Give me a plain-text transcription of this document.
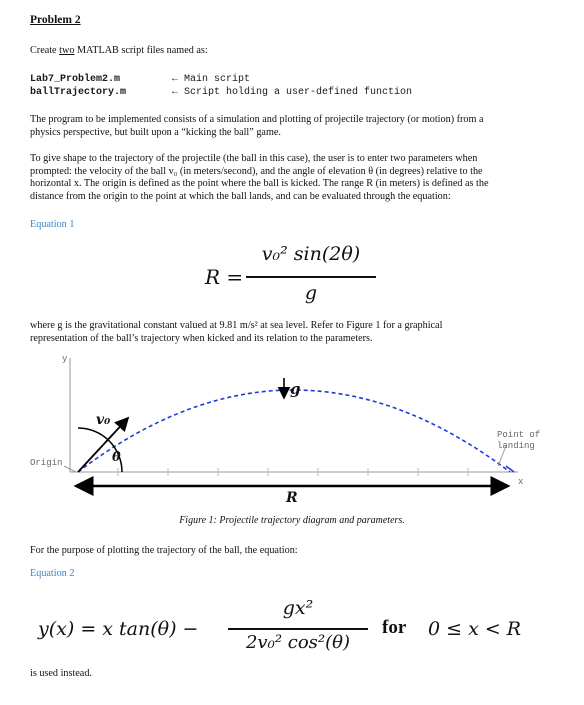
Problem 2
Create two MATLAB script files named as:
Lab7_Problem2.m	← Main script
ballTrajectory.m	← Script holding a user-defined function
The program to be implemented consists of a simulation and plotting of projectile trajectory (or motion) from a
physics perspective, but built upon a “kicking the ball” game.
To give shape to the trajectory of the projectile (the ball in this case), the user is to enter two parameters when
prompted: the velocity of the ball v₀ (in meters/second), and the angle of elevation θ (in degrees) relative to the
horizontal x. The origin is defined as the point where the ball is kicked. The range R (in meters) is defined as the
distance from the origin to the point at which the ball lands, and can be evaluated through the equation:
Equation 1
R =
v₀² sin(2θ)
g
where g is the gravitational constant valued at 9.81 m/s² at sea level. Refer to Figure 1 for a graphical
representation of the ball’s trajectory when kicked and its relation to the parameters.
y
x
Origin
Point of
landing
v₀
θ
g
R
Figure 1: Projectile trajectory diagram and parameters.
For the purpose of plotting the trajectory of the ball, the equation:
Equation 2
y(x) = x tan(θ) −
gx²
2v₀² cos²(θ)
for 0 ≤ x < R
is used instead.
